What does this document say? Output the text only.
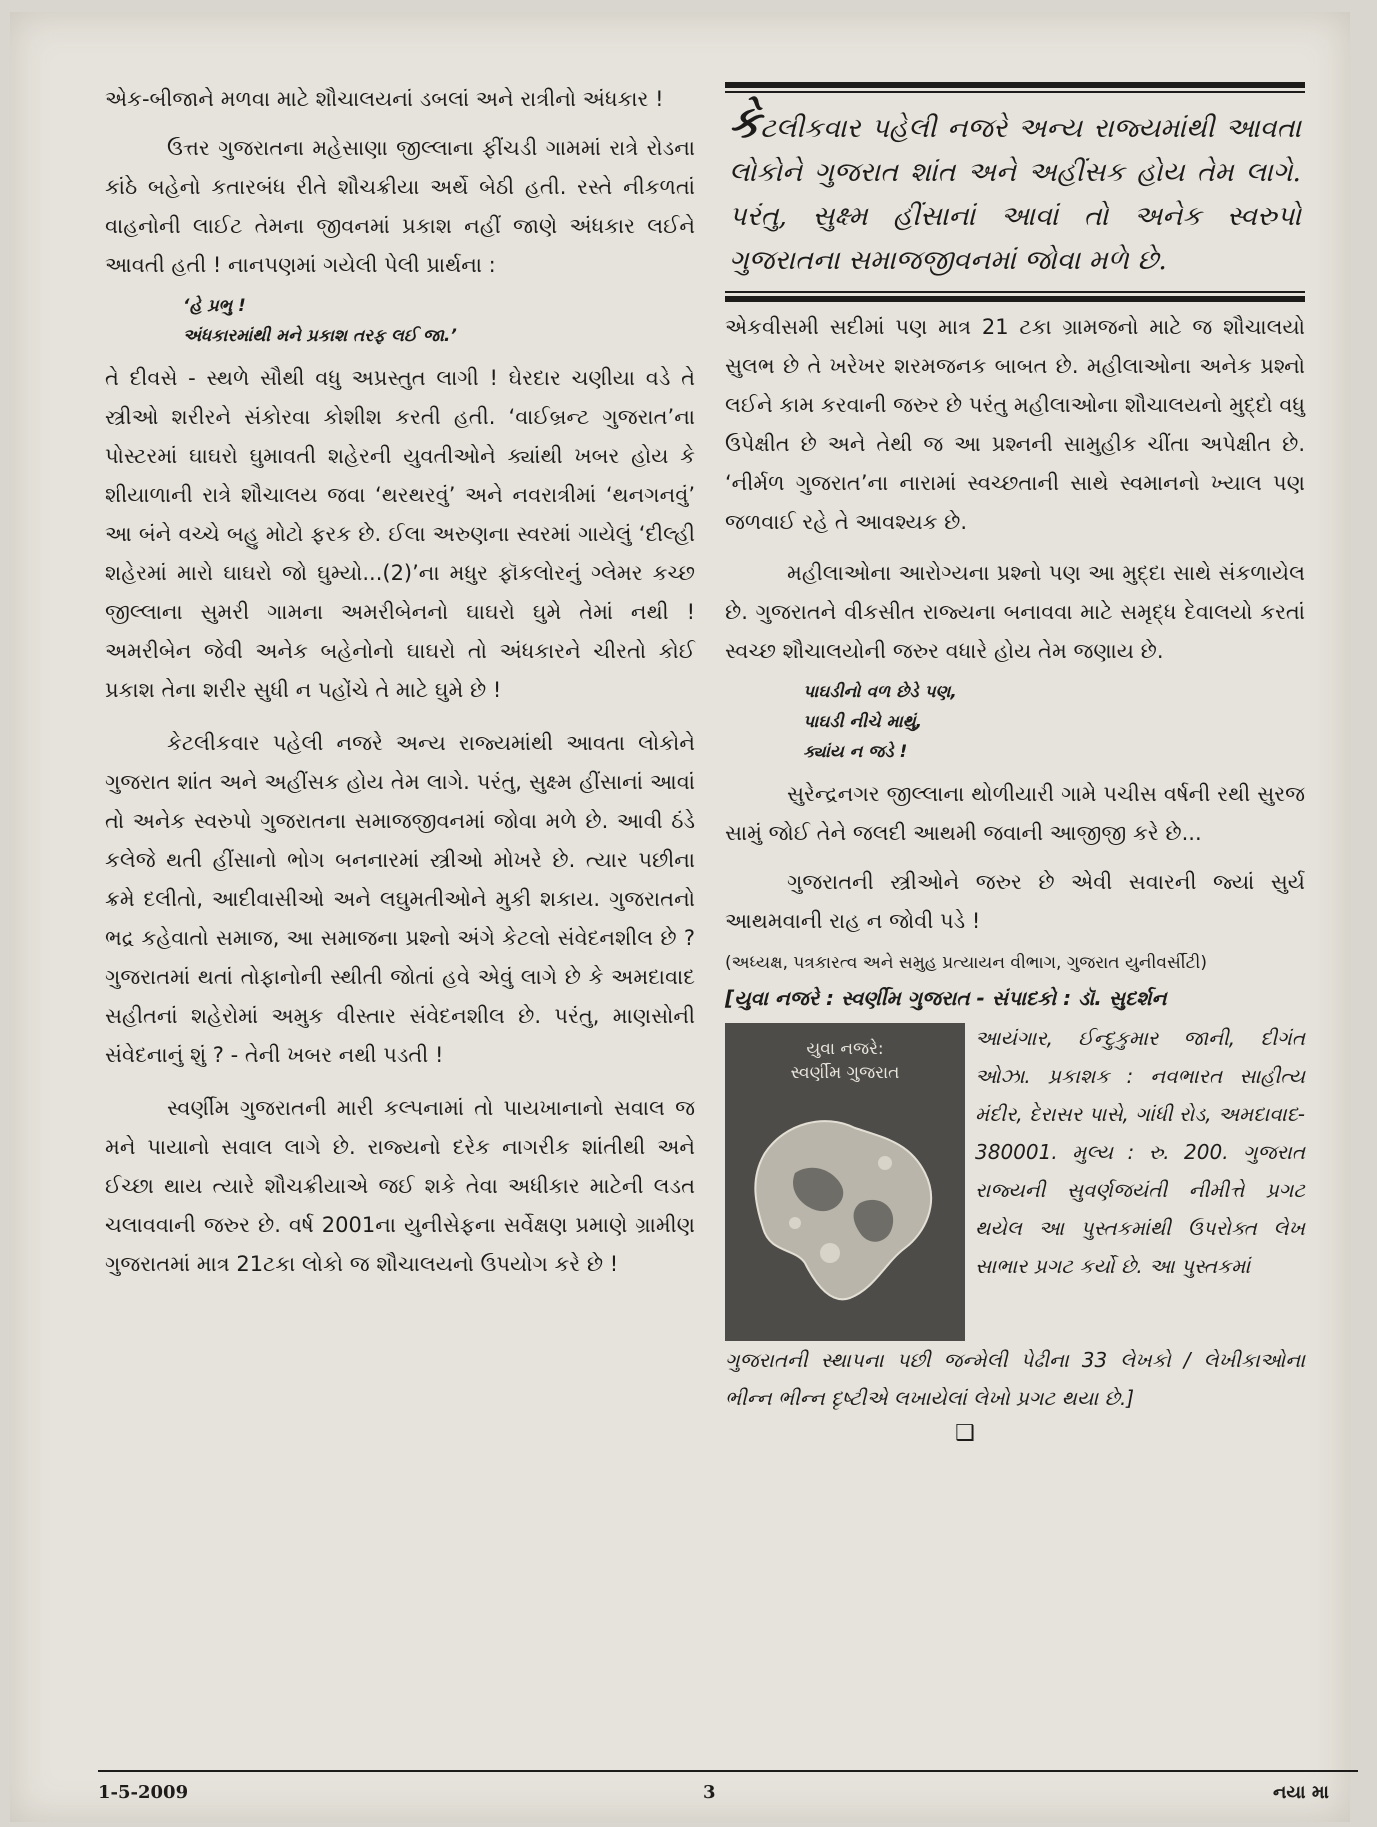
એક-બીજાને મળવા માટે શૌચાલયનાં ડબલાં અને રાત્રીનો અંધકાર !

ઉત્તર ગુજરાતના મહેસાણા જીલ્લાના ફીંચડી ગામમાં રાત્રે રોડના કાંઠે બહેનો કતારબંધ રીતે શૌચક્રીયા અર્થે બેઠી હતી. રસ્તે નીકળતાં વાહનોની લાઈટ તેમના જીવનમાં પ્રકાશ નહીં જાણે અંધકાર લઈને આવતી હતી ! નાનપણમાં ગયેલી પેલી પ્રાર્થના :

‘હે પ્રભુ !
અંધકારમાંથી મને પ્રકાશ તરફ લઈ જા.’

તે દીવસે - સ્થળે સૌથી વધુ અપ્રસ્તુત લાગી ! ઘેરદાર ચણીયા વડે તે સ્ત્રીઓ શરીરને સંકોરવા કોશીશ કરતી હતી. ‘વાઈબ્રન્ટ ગુજરાત’ના પોસ્ટરમાં ઘાઘરો ઘુમાવતી શહેરની યુવતીઓને ક્યાંથી ખબર હોય કે શીયાળાની રાત્રે શૌચાલય જવા ‘થરથરવું’ અને નવરાત્રીમાં ‘થનગનવું’ આ બંને વચ્ચે બહુ મોટો ફરક છે. ઈલા અરુણના સ્વરમાં ગાયેલું ‘દીલ્હી શહેરમાં મારો ઘાઘરો જો ઘુમ્યો...(2)’ના મધુર ફૉકલોરનું ગ્લેમર કચ્છ જીલ્લાના સુમરી ગામના અમરીબેનનો ઘાઘરો ઘુમે તેમાં નથી ! અમરીબેન જેવી અનેક બહેનોનો ઘાઘરો તો અંધકારને ચીરતો કોઈ પ્રકાશ તેના શરીર સુધી ન પહોંચે તે માટે ઘુમે છે !

કેટલીકવાર પહેલી નજરે અન્ય રાજ્યમાંથી આવતા લોકોને ગુજરાત શાંત અને અહીંસક હોય તેમ લાગે. પરંતુ, સુક્ષ્મ હીંસાનાં આવાં તો અનેક સ્વરુપો ગુજરાતના સમાજજીવનમાં જોવા મળે છે. આવી ઠંડે કલેજે થતી હીંસાનો ભોગ બનનારમાં સ્ત્રીઓ મોખરે છે. ત્યાર પછીના ક્રમે દલીતો, આદીવાસીઓ અને લઘુમતીઓને મુકી શકાય. ગુજરાતનો ભદ્ર કહેવાતો સમાજ, આ સમાજના પ્રશ્નો અંગે કેટલો સંવેદનશીલ છે ? ગુજરાતમાં થતાં તોફાનોની સ્થીતી જોતાં હવે એવું લાગે છે કે અમદાવાદ સહીતનાં શહેરોમાં અમુક વીસ્તાર સંવેદનશીલ છે. પરંતુ, માણસોની સંવેદનાનું શું ? - તેની ખબર નથી પડતી !

સ્વર્ણીમ ગુજરાતની મારી કલ્પનામાં તો પાયખાનાનો સવાલ જ મને પાયાનો સવાલ લાગે છે. રાજ્યનો દરેક નાગરીક શાંતીથી અને ઈચ્છા થાય ત્યારે શૌચક્રીયાએ જઈ શકે તેવા અધીકાર માટેની લડત ચલાવવાની જરુર છે. વર્ષ 2001ના યુનીસેફના સર્વેક્ષણ પ્રમાણે ગ્રામીણ ગુજરાતમાં માત્ર 21ટકા લોકો જ શૌચાલયનો ઉપયોગ કરે છે !

કેટલીકવાર પહેલી નજરે અન્ય રાજ્યમાંથી આવતા લોકોને ગુજરાત શાંત અને અહીંસક હોય તેમ લાગે. પરંતુ, સુક્ષ્મ હીંસાનાં આવાં તો અનેક સ્વરુપો ગુજરાતના સમાજજીવનમાં જોવા મળે છે.

એકવીસમી સદીમાં પણ માત્ર 21 ટકા ગ્રામજનો માટે જ શૌચાલયો સુલભ છે તે ખરેખર શરમજનક બાબત છે. મહીલાઓના અનેક પ્રશ્નો લઈને કામ કરવાની જરુર છે પરંતુ મહીલાઓના શૌચાલયનો મુદ્દો વધુ ઉપેક્ષીત છે અને તેથી જ આ પ્રશ્નની સામુહીક ચીંતા અપેક્ષીત છે. ‘નીર્મળ ગુજરાત’ના નારામાં સ્વચ્છતાની સાથે સ્વમાનનો ખ્યાલ પણ જળવાઈ રહે તે આવશ્યક છે.

મહીલાઓના આરોગ્યના પ્રશ્નો પણ આ મુદ્દા સાથે સંકળાયેલ છે. ગુજરાતને વીકસીત રાજ્યના બનાવવા માટે સમૃદ્ધ દેવાલયો કરતાં સ્વચ્છ શૌચાલયોની જરુર વધારે હોય તેમ જણાય છે.

પાઘડીનો વળ છેડે પણ,
પાઘડી નીચે માથું,
ક્યાંય ન જડે !

સુરેન્દ્રનગર જીલ્લાના થોળીયારી ગામે પચીસ વર્ષની રથી સુરજ સામું જોઈ તેને જલદી આથમી જવાની આજીજી કરે છે...

ગુજરાતની સ્ત્રીઓને જરુર છે એવી સવારની જ્યાં સુર્ય આથમવાની રાહ ન જોવી પડે !

(અધ્યક્ષ, પત્રકારત્વ અને સમુહ પ્રત્યાયન વીભાગ, ગુજરાત યુનીવર્સીટી)

[યુવા નજરે : સ્વર્ણીમ ગુજરાત - સંપાદકો : ડૉ. સુદર્શન

યુવા નજરે:
સ્વર્ણીમ ગુજરાત

આયંગાર, ઈન્દુકુમાર જાની, દીગંત ઓઝા. પ્રકાશક : નવભારત સાહીત્ય મંદીર, દેરાસર પાસે, ગાંધી રોડ, અમદાવાદ- 380001. મુલ્ય : રુ. 200. ગુજરાત રાજ્યની સુવર્ણજયંતી નીમીત્તે પ્રગટ થયેલ આ પુસ્તકમાંથી ઉપરોક્ત લેખ સાભાર પ્રગટ કર્યો છે. આ પુસ્તકમાં

ગુજરાતની સ્થાપના પછી જન્મેલી પેઢીના 33 લેખકો / લેખીકાઓના ભીન્ન ભીન્ન દૃષ્ટીએ લખાયેલાં લેખો પ્રગટ થયા છે.]

❑
1-5-2009	3	નયા મા
